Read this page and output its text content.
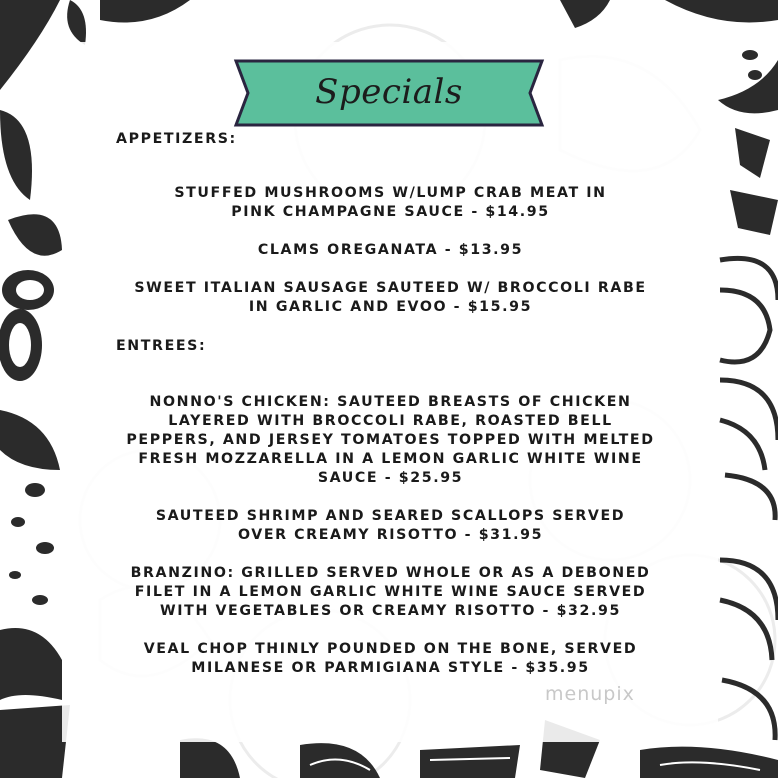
Specials
APPETIZERS:
STUFFED MUSHROOMS W/LUMP CRAB MEAT IN PINK CHAMPAGNE SAUCE - $14.95
CLAMS OREGANATA - $13.95
SWEET ITALIAN SAUSAGE SAUTEED W/ BROCCOLI RABE IN GARLIC AND EVOO - $15.95
ENTREES:
NONNO'S CHICKEN: SAUTEED BREASTS OF CHICKEN LAYERED WITH BROCCOLI RABE, ROASTED BELL PEPPERS, AND JERSEY TOMATOES TOPPED WITH MELTED FRESH MOZZARELLA IN A LEMON GARLIC WHITE WINE SAUCE - $25.95
SAUTEED SHRIMP AND SEARED SCALLOPS SERVED OVER CREAMY RISOTTO - $31.95
BRANZINO: GRILLED SERVED WHOLE OR AS A DEBONED FILET IN A LEMON GARLIC WHITE WINE SAUCE SERVED WITH VEGETABLES OR CREAMY RISOTTO - $32.95
VEAL CHOP THINLY POUNDED ON THE BONE, SERVED MILANESE OR PARMIGIANA STYLE - $35.95
menupix
